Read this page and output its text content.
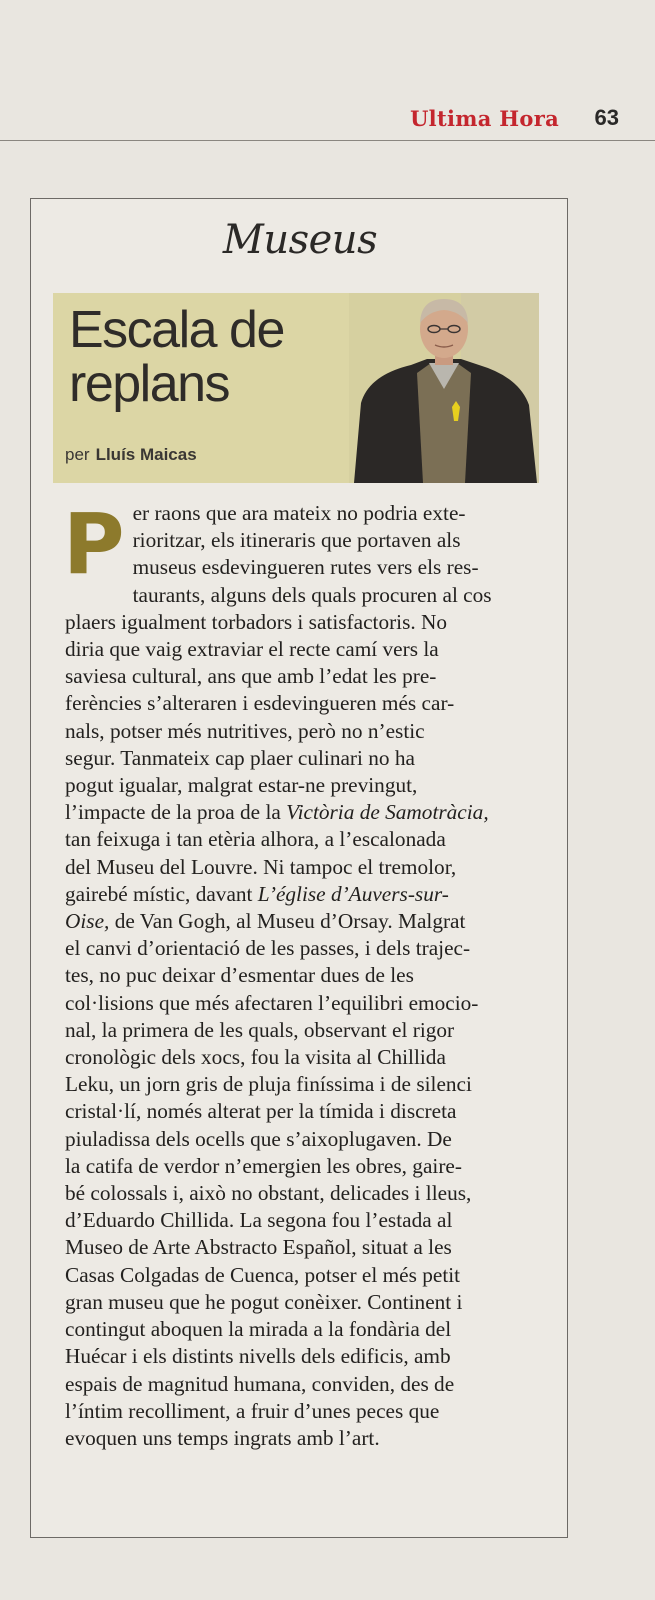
Ultima Hora 63
Museus
Escala de
replans
per Lluís Maicas
P er raons que ara mateix no podria exte-
rioritzar, els itineraris que portaven als
museus esdevingueren rutes vers els res-
taurants, alguns dels quals procuren al cos
plaers igualment torbadors i satisfactoris. No
diria que vaig extraviar el recte camí vers la
saviesa cultural, ans que amb l’edat les pre-
ferències s’alteraren i esdevingueren més car-
nals, potser més nutritives, però no n’estic
segur. Tanmateix cap plaer culinari no ha
pogut igualar, malgrat estar-ne previngut,
l’impacte de la proa de la Victòria de Samotràcia,
tan feixuga i tan etèria alhora, a l’escalonada
del Museu del Louvre. Ni tampoc el tremolor,
gairebé místic, davant L’église d’Auvers-sur-
Oise, de Van Gogh, al Museu d’Orsay. Malgrat
el canvi d’orientació de les passes, i dels trajec-
tes, no puc deixar d’esmentar dues de les
col·lisions que més afectaren l’equilibri emocio-
nal, la primera de les quals, observant el rigor
cronològic dels xocs, fou la visita al Chillida
Leku, un jorn gris de pluja finíssima i de silenci
cristal·lí, només alterat per la tímida i discreta
piuladissa dels ocells que s’aixoplugaven. De
la catifa de verdor n’emergien les obres, gaire-
bé colossals i, això no obstant, delicades i lleus,
d’Eduardo Chillida. La segona fou l’estada al
Museo de Arte Abstracto Español, situat a les
Casas Colgadas de Cuenca, potser el més petit
gran museu que he pogut conèixer. Continent i
contingut aboquen la mirada a la fondària del
Huécar i els distints nivells dels edificis, amb
espais de magnitud humana, conviden, des de
l’íntim recolliment, a fruir d’unes peces que
evoquen uns temps ingrats amb l’art.
